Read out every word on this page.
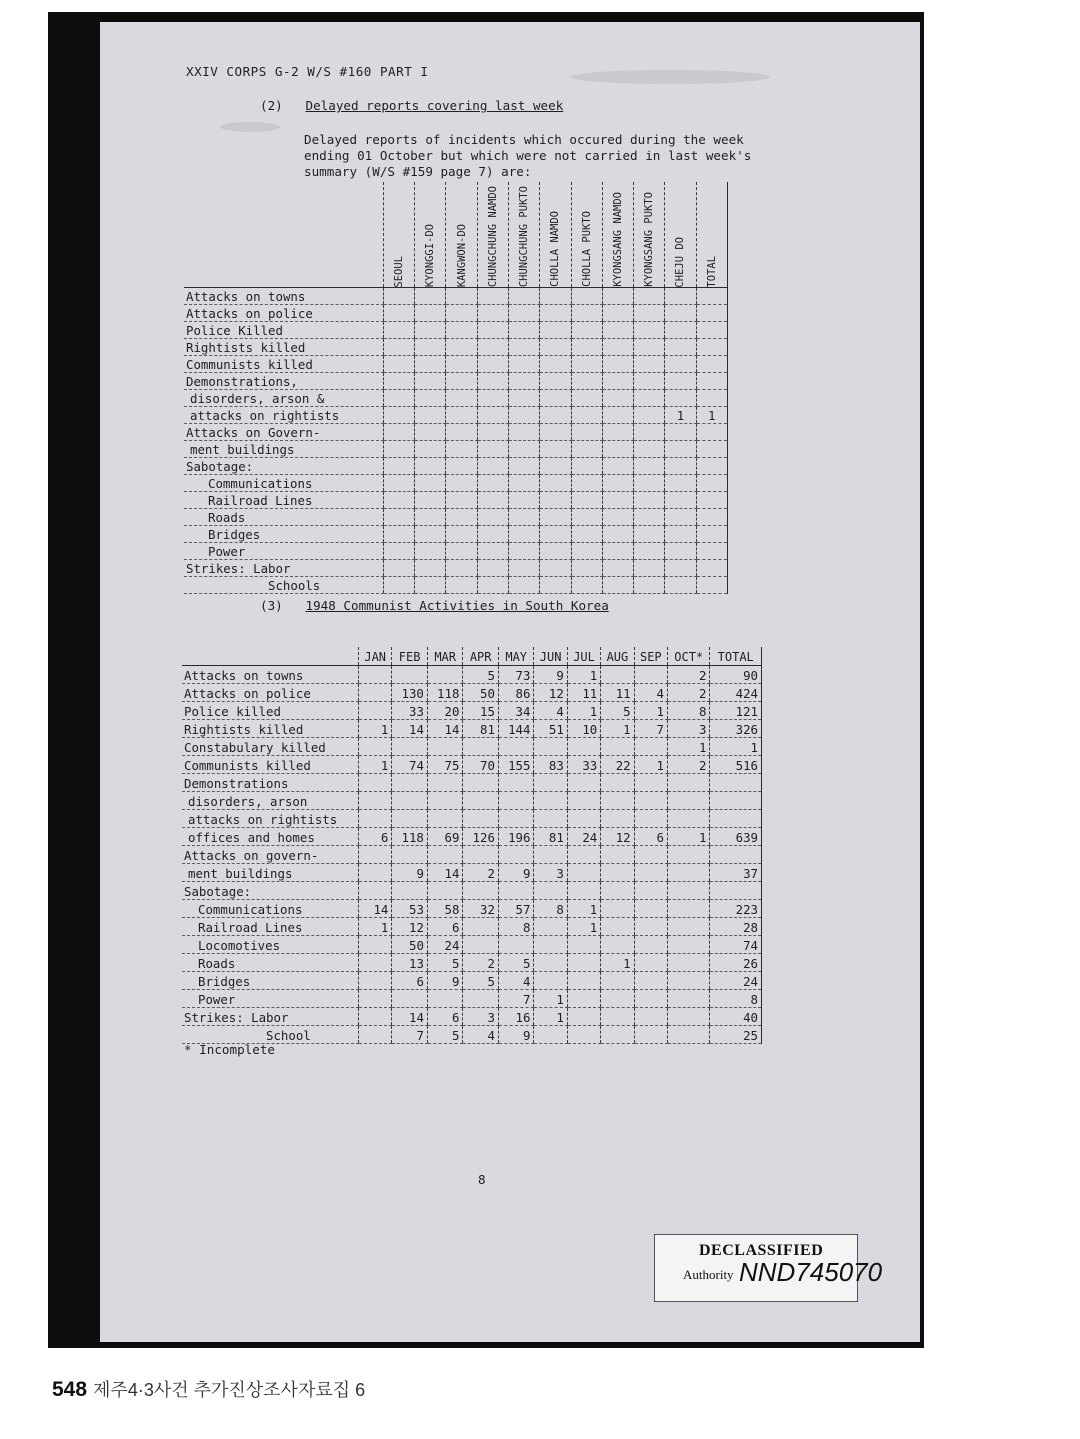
XXIV CORPS G-2 W/S #160 PART I
(2) Delayed reports covering last week
Delayed reports of incidents which occured during the week ending 01 October but which were not carried in last week's summary (W/S #159 page 7) are:

	SEOUL	KYONGGI-DO	KANGWON-DO	CHUNGCHUNG NAMDO	CHUNGCHUNG PUKTO	CHOLLA NAMDO	CHOLLA PUKTO	KYONGSANG NAMDO	KYONGSANG PUKTO	CHEJU DO	TOTAL

Attacks on towns											
Attacks on police											
Police Killed											
Rightists killed											
Communists killed											
Demonstrations,											
disorders, arson &											
attacks on rightists										1	1
Attacks on Govern-											
ment buildings											
Sabotage:											
Communications											
Railroad Lines											
Roads											
Bridges											
Power											
Strikes: Labor											
Schools											
(3) 1948 Communist Activities in South Korea
	JAN	FEB	MAR	APR	MAY	JUN	JUL	AUG	SEP	OCT*	TOTAL
Attacks on towns				5	73	9	1			2	90
Attacks on police		130	118	50	86	12	11	11	4	2	424
Police killed		33	20	15	34	4	1	5	1	8	121
Rightists killed	1	14	14	81	144	51	10	1	7	3	326
Constabulary killed										1	1
Communists killed	1	74	75	70	155	83	33	22	1	2	516
Demonstrations											
disorders, arson											
attacks on rightists											
offices and homes	6	118	69	126	196	81	24	12	6	1	639
Attacks on govern-											
ment buildings		9	14	2	9	3					37
Sabotage:											
Communications	14	53	58	32	57	8	1				223
Railroad Lines	1	12	6		8		1				28
Locomotives		50	24								74
Roads		13	5	2	5			1			26
Bridges		6	9	5	4						24
Power					7	1					8
Strikes: Labor		14	6	3	16	1					40
School		7	5	4	9						25
* Incomplete
8
DECLASSIFIED
Authority NND745070
548 제주4·3사건 추가진상조사자료집 6
